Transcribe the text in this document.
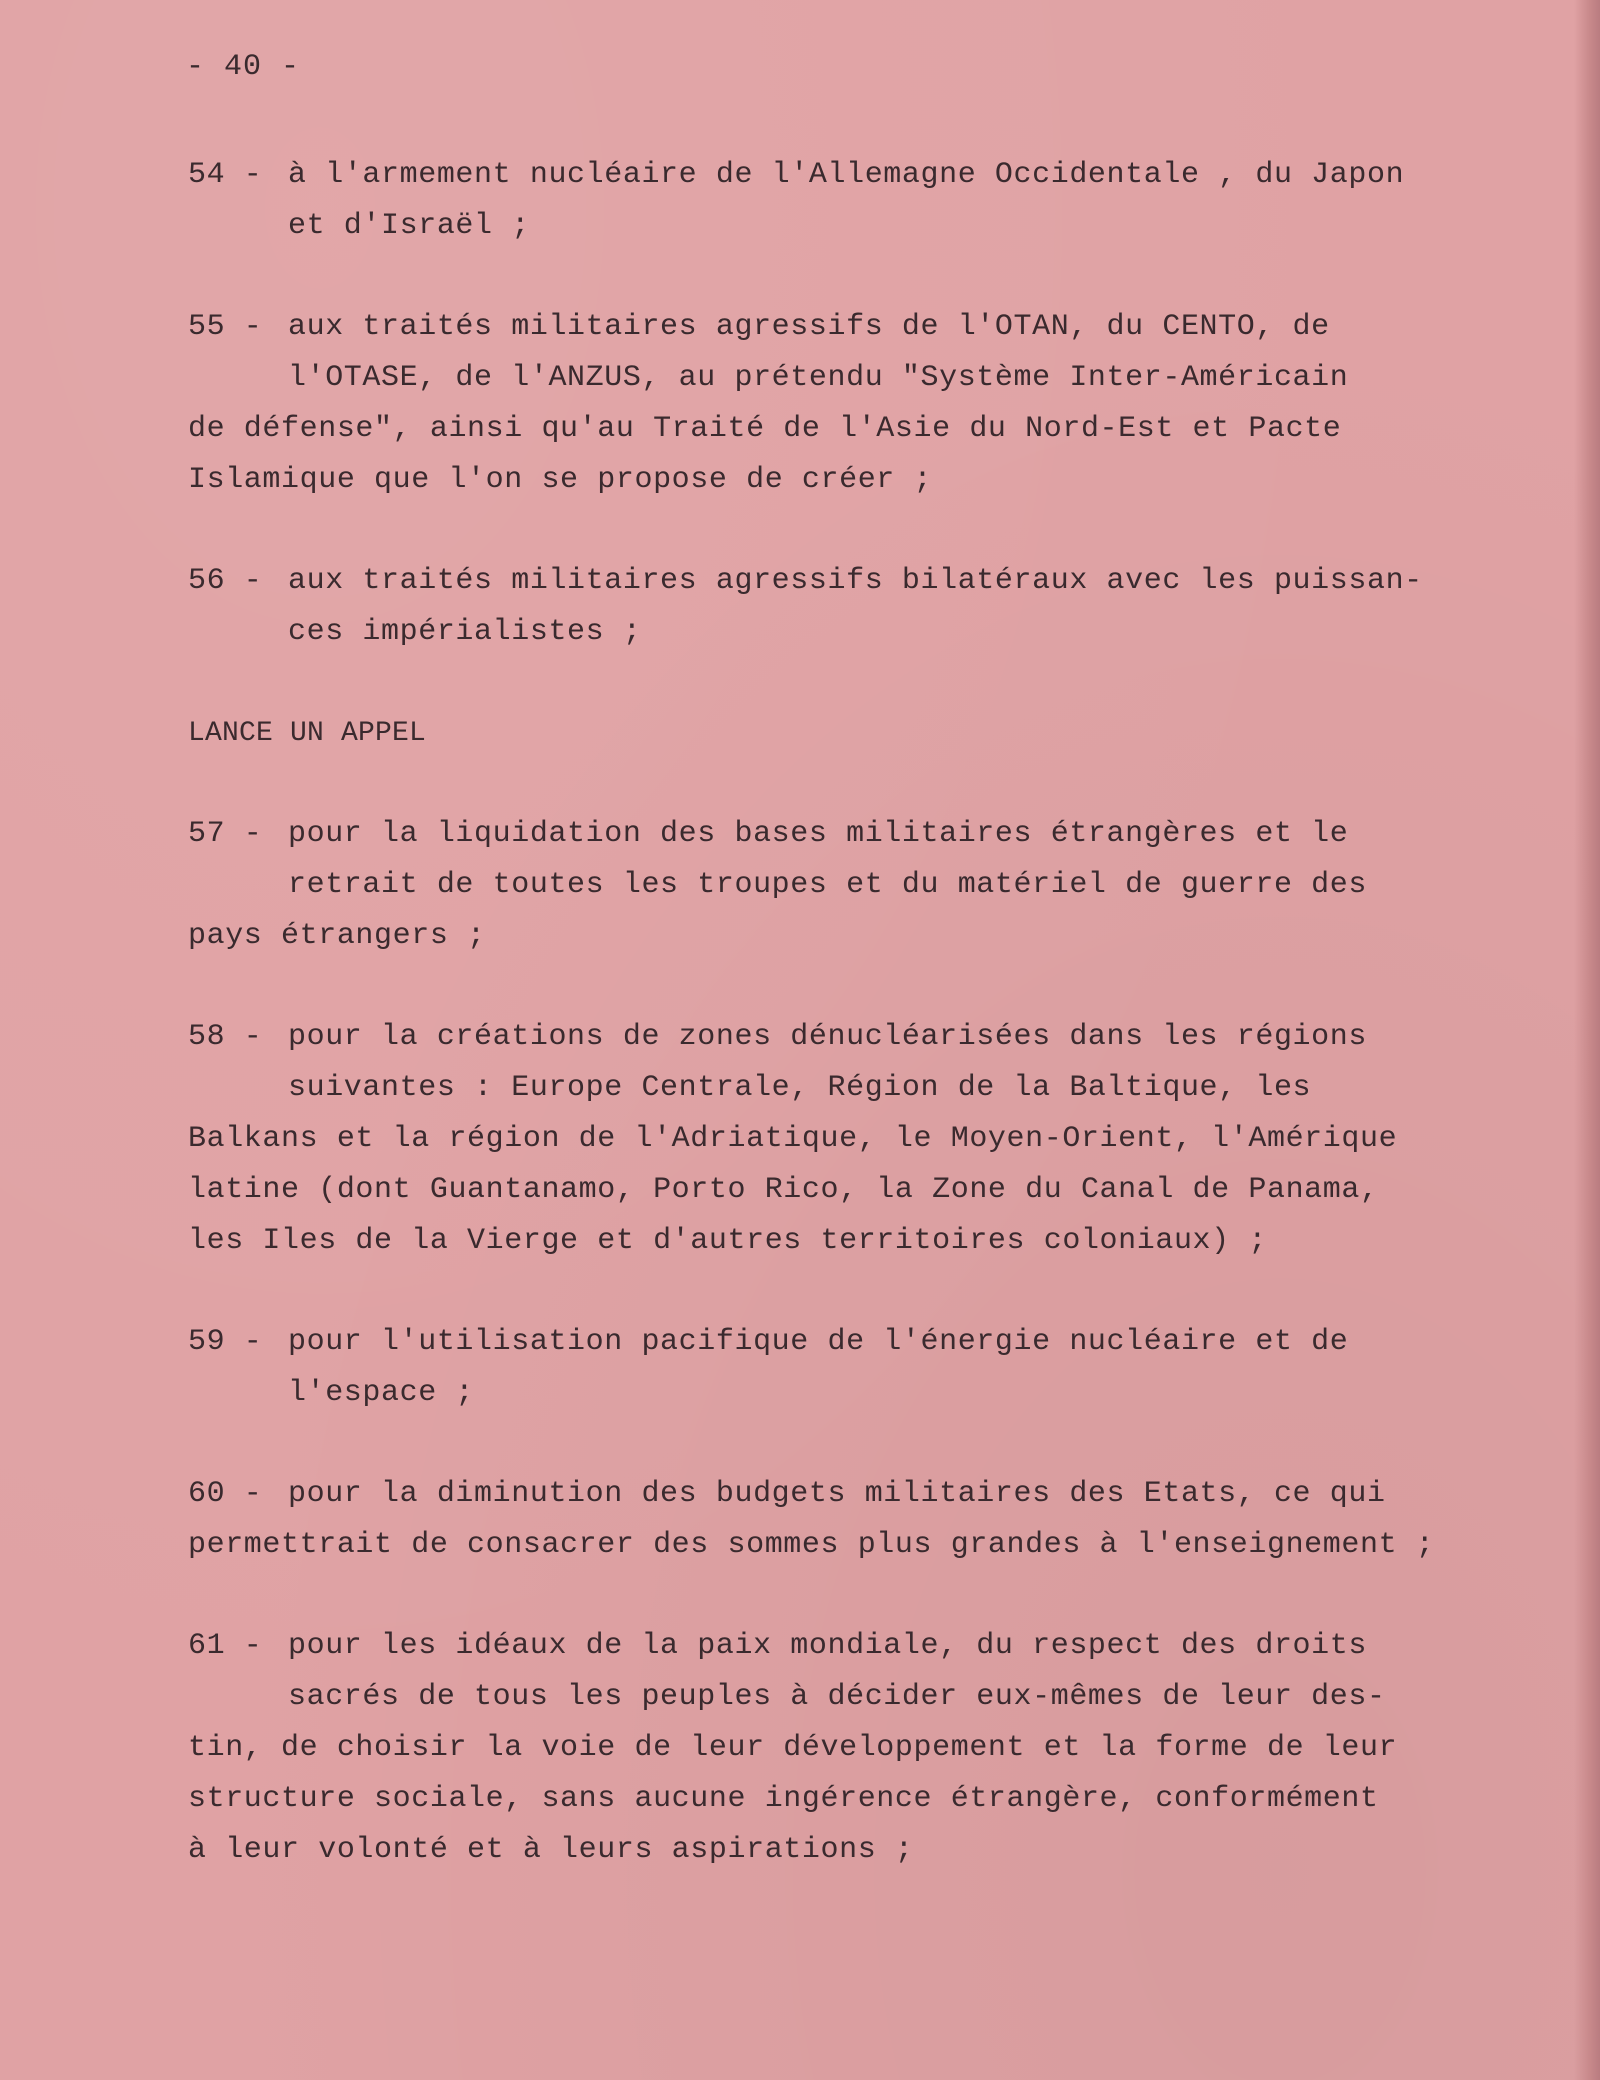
- 40 -
54 - à l'armement nucléaire de l'Allemagne Occidentale , du Japon
et d'Israël ;
55 - aux traités militaires agressifs de l'OTAN, du CENTO, de
l'OTASE, de l'ANZUS, au prétendu "Système Inter-Américain
de défense", ainsi qu'au Traité de l'Asie du Nord-Est et Pacte
Islamique que l'on se propose de créer ;
56 - aux traités militaires agressifs bilatéraux avec les puissan-
ces impérialistes ;
LANCE UN APPEL
57 - pour la liquidation des bases militaires étrangères et le
retrait de toutes les troupes et du matériel de guerre des
pays étrangers ;
58 - pour la créations de zones dénucléarisées dans les régions
suivantes : Europe Centrale, Région de la Baltique, les
Balkans et la région de l'Adriatique, le Moyen-Orient, l'Amérique
latine (dont Guantanamo, Porto Rico, la Zone du Canal de Panama,
les Iles de la Vierge et d'autres territoires coloniaux) ;
59 - pour l'utilisation pacifique de l'énergie nucléaire et de
l'espace ;
60 - pour la diminution des budgets militaires des Etats, ce qui
permettrait de consacrer des sommes plus grandes à l'enseignement ;
61 - pour les idéaux de la paix mondiale, du respect des droits
sacrés de tous les peuples à décider eux-mêmes de leur des-
tin, de choisir la voie de leur développement et la forme de leur
structure sociale, sans aucune ingérence étrangère, conformément
à leur volonté et à leurs aspirations ;
